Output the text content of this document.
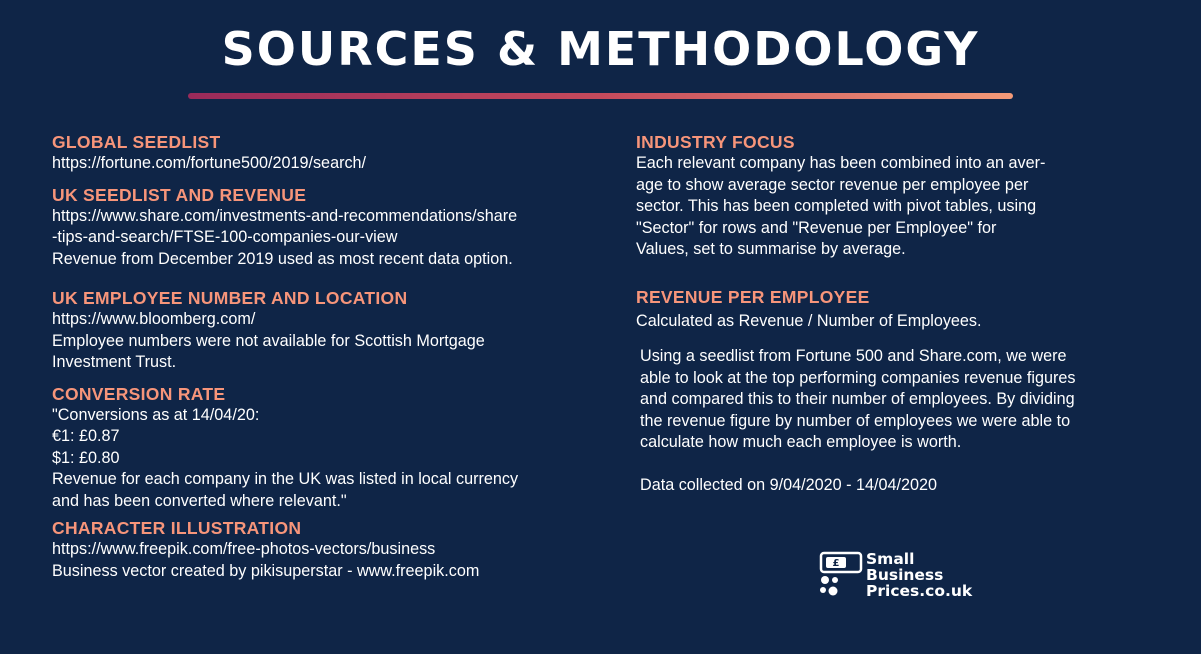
SOURCES & METHODOLOGY
GLOBAL SEEDLIST
https://fortune.com/fortune500/2019/search/
UK SEEDLIST AND REVENUE
https://www.share.com/investments-and-recommendations/share
-tips-and-search/FTSE-100-companies-our-view
Revenue from December 2019 used as most recent data option.
UK EMPLOYEE NUMBER AND LOCATION
https://www.bloomberg.com/
Employee numbers were not available for Scottish Mortgage
Investment Trust.
CONVERSION RATE
"Conversions as at 14/04/20:
€1: £0.87
$1: £0.80
Revenue for each company in the UK was listed in local currency
and has been converted where relevant."
CHARACTER ILLUSTRATION
https://www.freepik.com/free-photos-vectors/business
Business vector created by pikisuperstar - www.freepik.com
INDUSTRY FOCUS
Each relevant company has been combined into an aver-
age to show average sector revenue per employee per
sector. This has been completed with pivot tables, using
"Sector" for rows and "Revenue per Employee" for
Values, set to summarise by average.
REVENUE PER EMPLOYEE
Calculated as Revenue / Number of Employees.
Using a seedlist from Fortune 500 and Share.com, we were
able to look at the top performing companies revenue figures
and compared this to their number of employees. By dividing
the revenue figure by number of employees we were able to
calculate how much each employee is worth.
Data collected on 9/04/2020 - 14/04/2020
£ Small
Business
Prices.co.uk
